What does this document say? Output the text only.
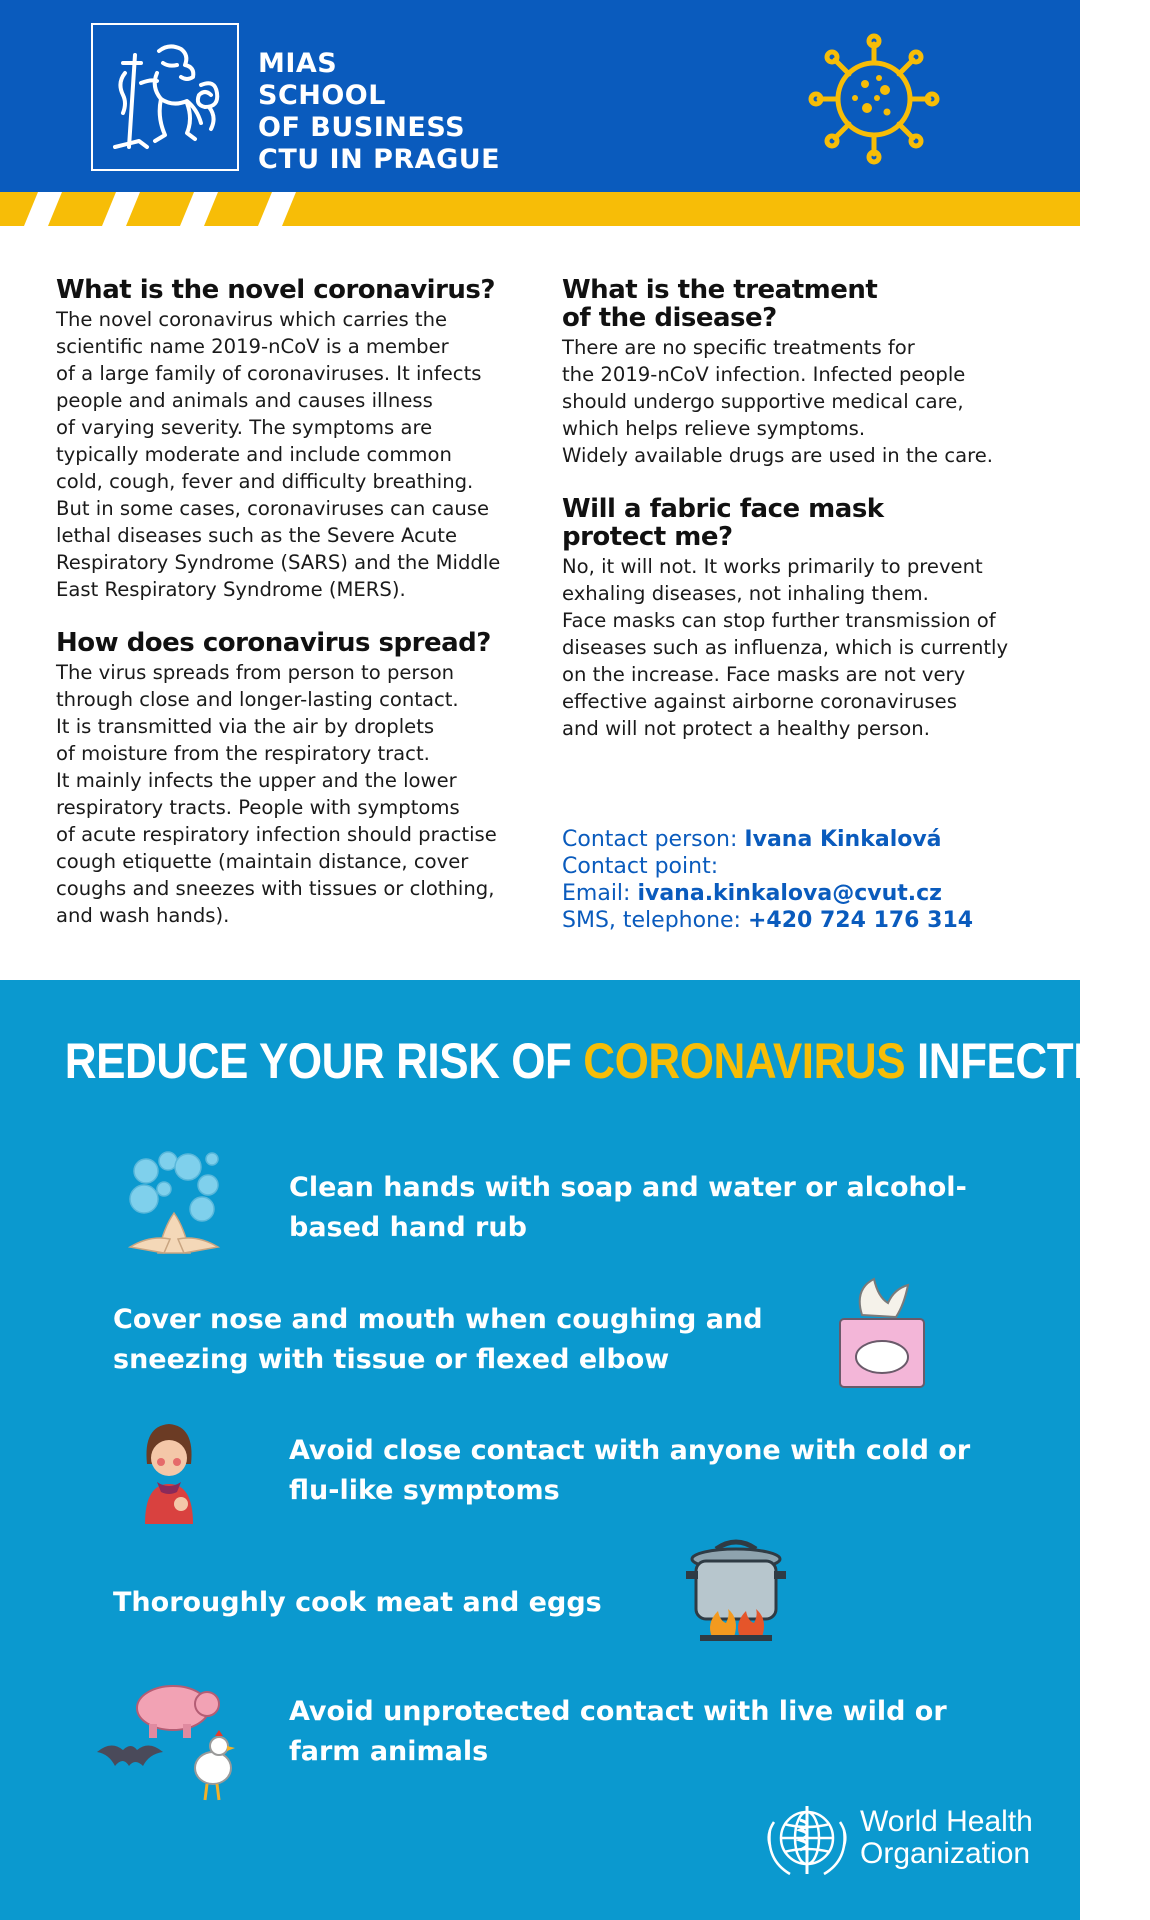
MIAS
SCHOOL
OF BUSINESS
CTU IN PRAGUE
What is the novel coronavirus?
The novel coronavirus which carries the
scientific name 2019-nCoV is a member
of a large family of coronaviruses. It infects
people and animals and causes illness
of varying severity. The symptoms are
typically moderate and include common
cold, cough, fever and difficulty breathing.
But in some cases, coronaviruses can cause
lethal diseases such as the Severe Acute
Respiratory Syndrome (SARS) and the Middle
East Respiratory Syndrome (MERS).
How does coronavirus spread?
The virus spreads from person to person
through close and longer-lasting contact.
It is transmitted via the air by droplets
of moisture from the respiratory tract.
It mainly infects the upper and the lower
respiratory tracts. People with symptoms
of acute respiratory infection should practise
cough etiquette (maintain distance, cover
coughs and sneezes with tissues or clothing,
and wash hands).
What is the treatment
of the disease?
There are no specific treatments for
the 2019-nCoV infection. Infected people
should undergo supportive medical care,
which helps relieve symptoms.
Widely available drugs are used in the care.
Will a fabric face mask
protect me?
No, it will not. It works primarily to prevent
exhaling diseases, not inhaling them.
Face masks can stop further transmission of
diseases such as influenza, which is currently
on the increase. Face masks are not very
effective against airborne coronaviruses
and will not protect a healthy person.
Contact person: Ivana Kinkalová
Contact point:
Email: ivana.kinkalova@cvut.cz
SMS, telephone: +420 724 176 314
REDUCE YOUR RISK OF CORONAVIRUS INFECTION
Clean hands with soap and water or alcohol-
based hand rub
Cover nose and mouth when coughing and
sneezing with tissue or flexed elbow
Avoid close contact with anyone with cold or
flu-like symptoms
Thoroughly cook meat and eggs
Avoid unprotected contact with live wild or
farm animals
World Health
Organization
